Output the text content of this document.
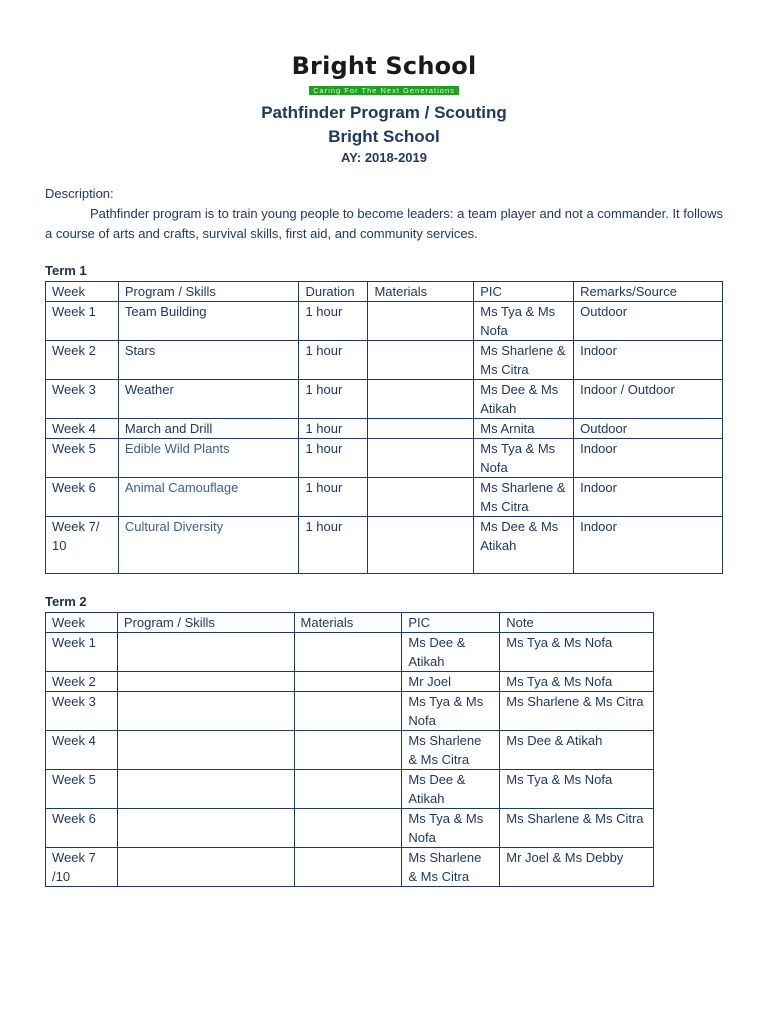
Bright School
Caring For The Next Generations
Pathfinder Program / Scouting
Bright School
AY: 2018-2019
Description:
Pathfinder program is to train young people to become leaders: a team player and not a commander. It follows a course of arts and crafts, survival skills, first aid, and community services.
Term 1
Week	Program / Skills	Duration	Materials	PIC	Remarks/Source
Week 1	Team Building	1 hour		Ms Tya & Ms Nofa	Outdoor
Week 2	Stars	1 hour		Ms Sharlene & Ms Citra	Indoor
Week 3	Weather	1 hour		Ms Dee & Ms Atikah	Indoor / Outdoor
Week 4	March and Drill	1 hour		Ms Arnita	Outdoor
Week 5	Edible Wild Plants	1 hour		Ms Tya & Ms Nofa	Indoor
Week 6	Animal Camouflage	1 hour		Ms Sharlene & Ms Citra	Indoor
Week 7/ 10	Cultural Diversity	1 hour		Ms Dee & Ms Atikah	Indoor
Term 2
Week	Program / Skills	Materials	PIC	Note
Week 1			Ms Dee & Atikah	Ms Tya & Ms Nofa
Week 2			Mr Joel	Ms Tya & Ms Nofa
Week 3			Ms Tya & Ms Nofa	Ms Sharlene & Ms Citra
Week 4			Ms Sharlene & Ms Citra	Ms Dee & Atikah
Week 5			Ms Dee & Atikah	Ms Tya & Ms Nofa
Week 6			Ms Tya & Ms Nofa	Ms Sharlene & Ms Citra
Week 7 /10			Ms Sharlene & Ms Citra	Mr Joel & Ms Debby
